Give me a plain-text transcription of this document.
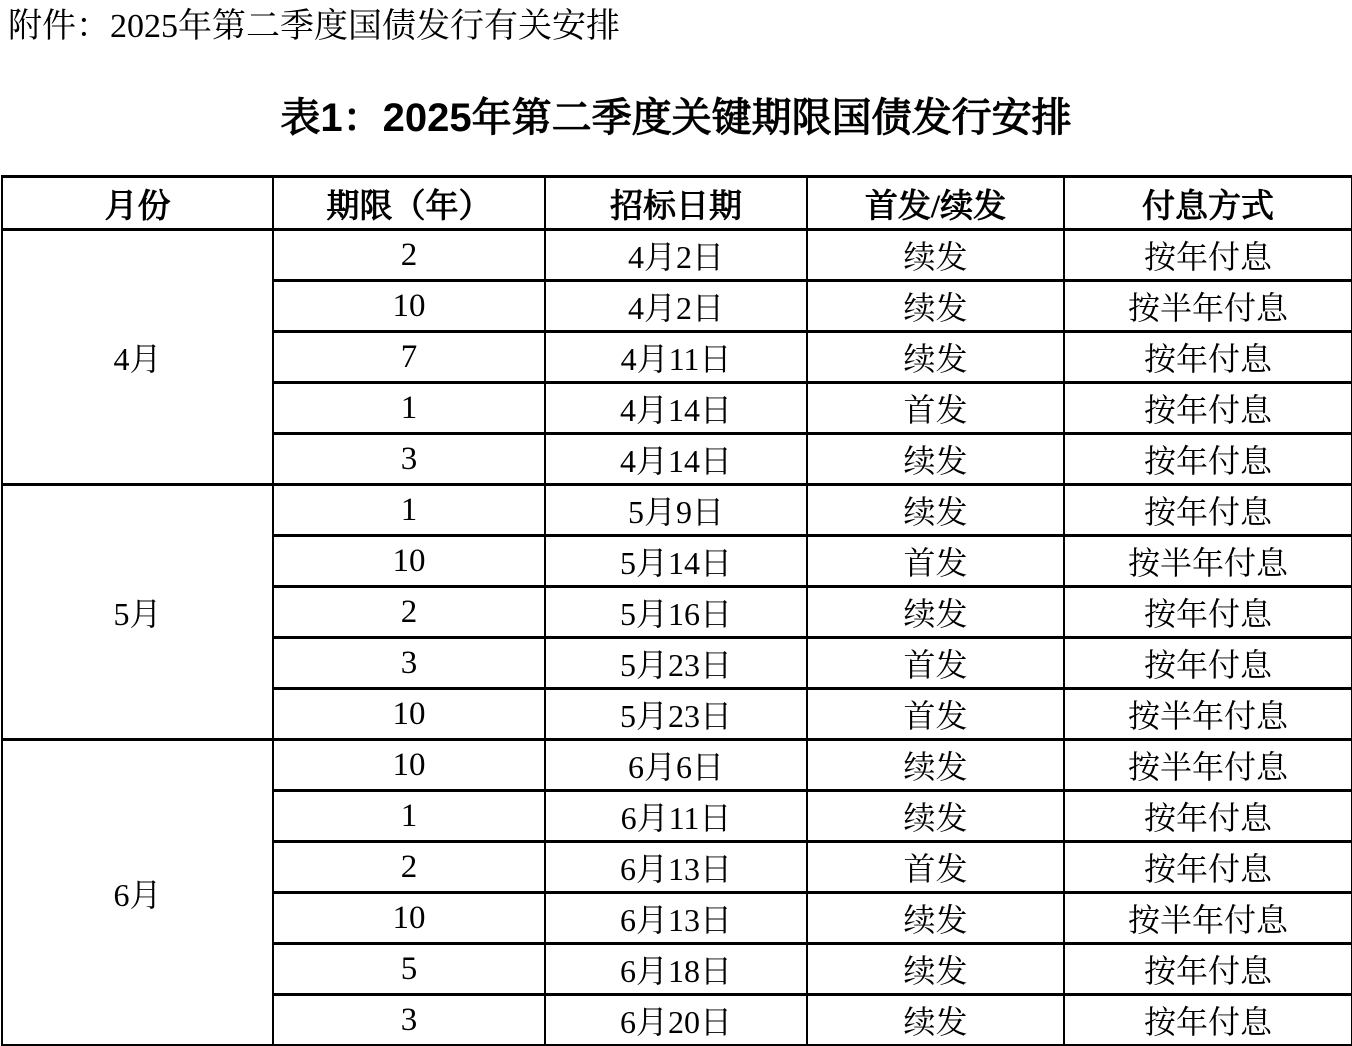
附件：2025年第二季度国债发行有关安排
表1：2025年第二季度关键期限国债发行安排
月份	期限（年）	招标日期	首发/续发	付息方式
4月	2	4月2日	续发	按年付息
	10	4月2日	续发	按半年付息
	7	4月11日	续发	按年付息
	1	4月14日	首发	按年付息
	3	4月14日	续发	按年付息
5月	1	5月9日	续发	按年付息
	10	5月14日	首发	按半年付息
	2	5月16日	续发	按年付息
	3	5月23日	首发	按年付息
	10	5月23日	首发	按半年付息
6月	10	6月6日	续发	按半年付息
	1	6月11日	续发	按年付息
	2	6月13日	首发	按年付息
	10	6月13日	续发	按半年付息
	5	6月18日	续发	按年付息
	3	6月20日	续发	按年付息
